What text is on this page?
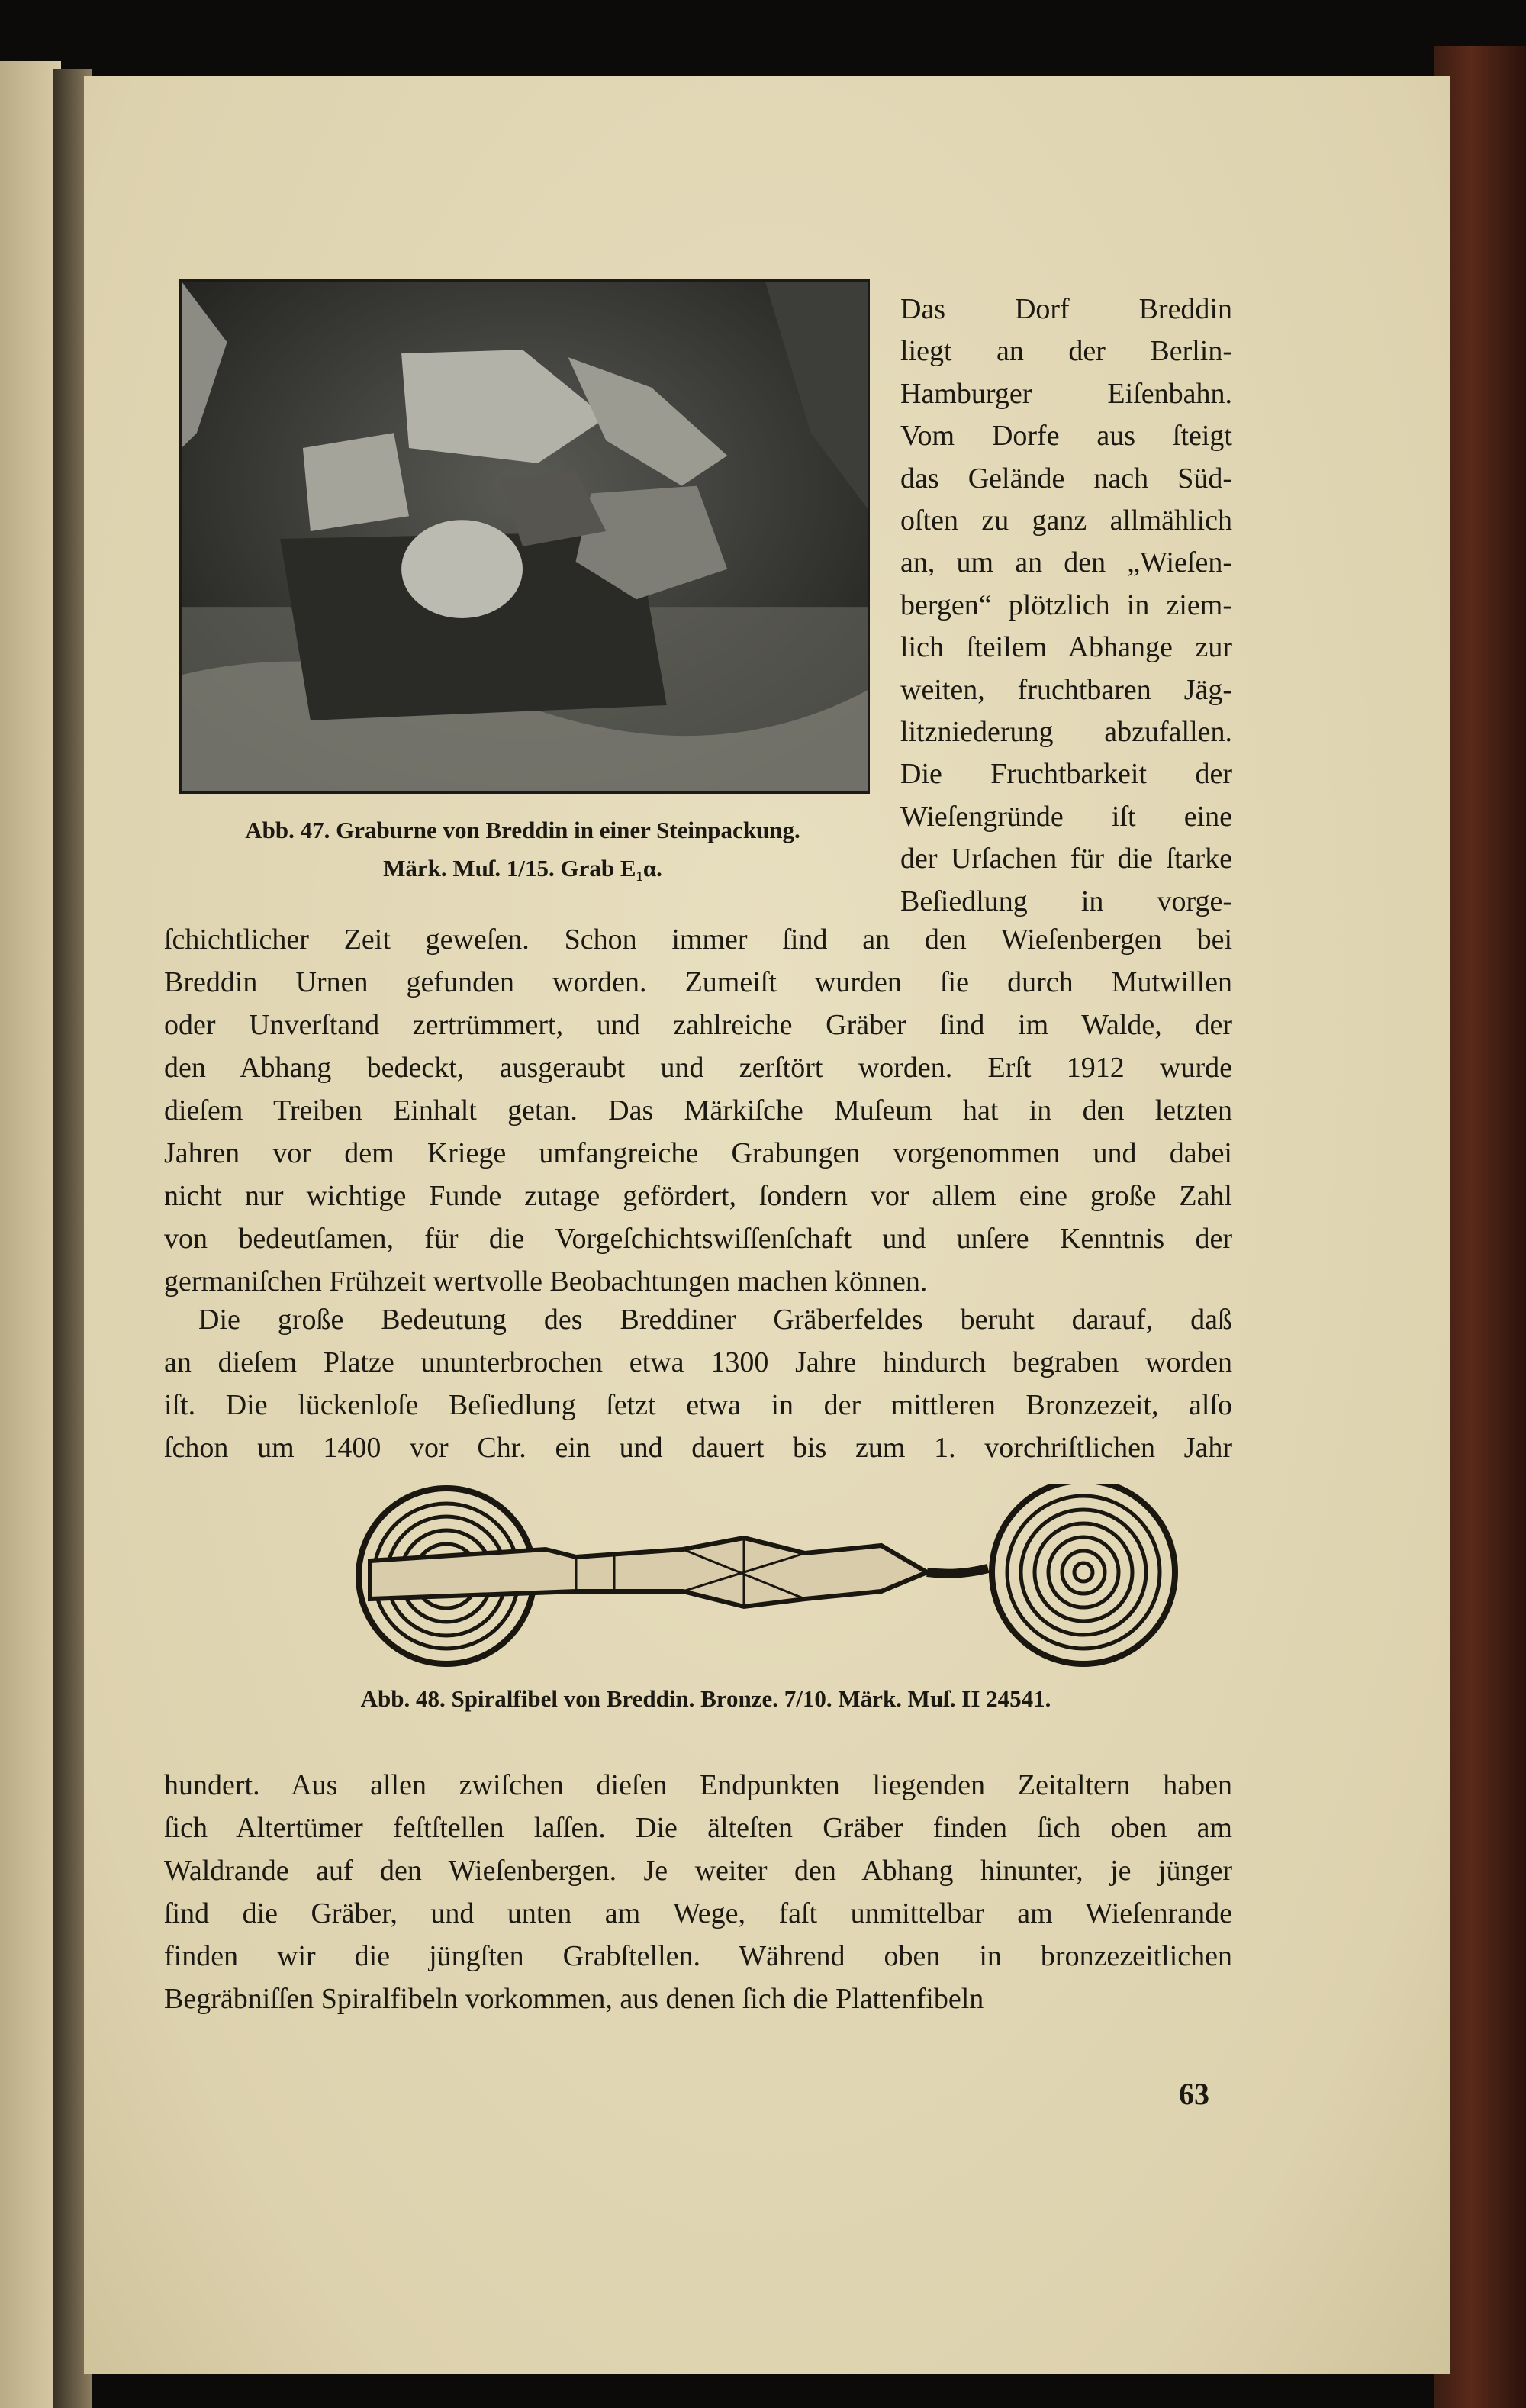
Abb. 47. Graburne von Breddin in einer Steinpackung.
Märk. Muſ. 1/15. Grab E₁α.
Das Dorf Breddin
liegt an der Berlin-
Hamburger Eiſenbahn.
Vom Dorfe aus ſteigt
das Gelände nach Süd-
oſten zu ganz allmählich
an, um an den „Wieſen-
bergen“ plötzlich in ziem-
lich ſteilem Abhange zur
weiten, fruchtbaren Jäg-
litzniederung abzufallen.
Die Fruchtbarkeit der
Wieſengründe iſt eine
der Urſachen für die ſtarke
Beſiedlung in vorge-
ſchichtlicher Zeit geweſen. Schon immer ſind an den Wieſenbergen bei
Breddin Urnen gefunden worden. Zumeiſt wurden ſie durch Mutwillen
oder Unverſtand zertrümmert, und zahlreiche Gräber ſind im Walde, der
den Abhang bedeckt, ausgeraubt und zerſtört worden. Erſt 1912 wurde
dieſem Treiben Einhalt getan. Das Märkiſche Muſeum hat in den letzten
Jahren vor dem Kriege umfangreiche Grabungen vorgenommen und dabei
nicht nur wichtige Funde zutage gefördert, ſondern vor allem eine große Zahl
von bedeutſamen, für die Vorgeſchichtswiſſenſchaft und unſere Kenntnis der
germaniſchen Frühzeit wertvolle Beobachtungen machen können.
Die große Bedeutung des Breddiner Gräberfeldes beruht darauf, daß
an dieſem Platze ununterbrochen etwa 1300 Jahre hindurch begraben worden
iſt. Die lückenloſe Beſiedlung ſetzt etwa in der mittleren Bronzezeit, alſo
ſchon um 1400 vor Chr. ein und dauert bis zum 1. vorchriſtlichen Jahr
hundert. Aus allen zwiſchen dieſen Endpunkten liegenden Zeitaltern haben
ſich Altertümer feſtſtellen laſſen. Die älteſten Gräber finden ſich oben am
Waldrande auf den Wieſenbergen. Je weiter den Abhang hinunter, je jünger
ſind die Gräber, und unten am Wege, faſt unmittelbar am Wieſenrande
finden wir die jüngſten Grabſtellen. Während oben in bronzezeitlichen
Begräbniſſen Spiralfibeln vorkommen, aus denen ſich die Plattenfibeln
Abb. 48. Spiralfibel von Breddin. Bronze. 7/10. Märk. Muſ. II 24541.
63
